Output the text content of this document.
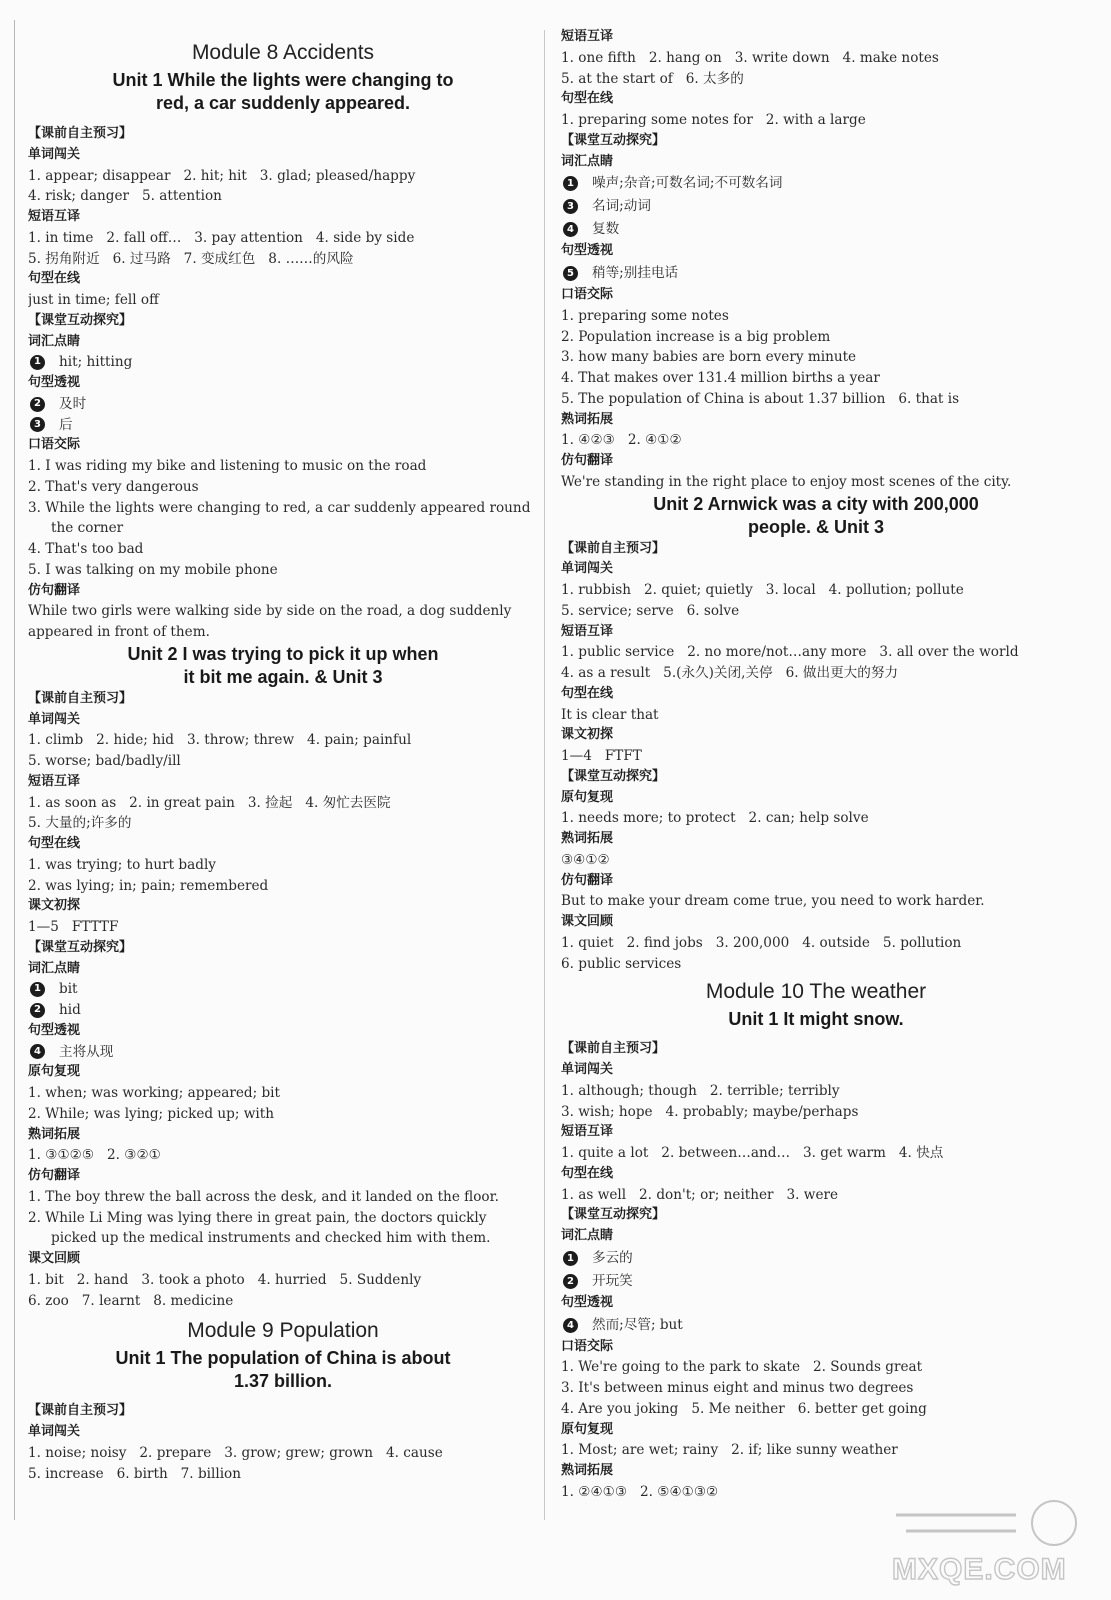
Module 8 Accidents
Unit 1 While the lights were changing to
red, a car suddenly appeared.
【课前自主预习】
单词闯关
1. appear; disappear   2. hit; hit   3. glad; pleased/happy
4. risk; danger   5. attention
短语互译
1. in time   2. fall off…   3. pay attention   4. side by side
5. 拐角附近   6. 过马路   7. 变成红色   8. ……的风险
句型在线
just in time; fell off
【课堂互动探究】
词汇点睛
1 hit; hitting
句型透视
2 及时
3 后
口语交际
1. I was riding my bike and listening to music on the road
2. That's very dangerous
3. While the lights were changing to red, a car suddenly appeared round
the corner
4. That's too bad
5. I was talking on my mobile phone
仿句翻译
While two girls were walking side by side on the road, a dog suddenly
appeared in front of them.
Unit 2 I was trying to pick it up when
it bit me again. & Unit 3
【课前自主预习】
单词闯关
1. climb   2. hide; hid   3. throw; threw   4. pain; painful
5. worse; bad/badly/ill
短语互译
1. as soon as   2. in great pain   3. 捡起   4. 匆忙去医院
5. 大量的;许多的
句型在线
1. was trying; to hurt badly
2. was lying; in; pain; remembered
课文初探
1—5   FTTTF
【课堂互动探究】
词汇点睛
1 bit
2 hid
句型透视
4 主将从现
原句复现
1. when; was working; appeared; bit
2. While; was lying; picked up; with
熟词拓展
1. ③①②⑤   2. ③②①
仿句翻译
1. The boy threw the ball across the desk, and it landed on the floor.
2. While Li Ming was lying there in great pain, the doctors quickly
picked up the medical instruments and checked him with them.
课文回顾
1. bit   2. hand   3. took a photo   4. hurried   5. Suddenly
6. zoo   7. learnt   8. medicine
Module 9 Population
Unit 1 The population of China is about
1.37 billion.
【课前自主预习】
单词闯关
1. noise; noisy   2. prepare   3. grow; grew; grown   4. cause
5. increase   6. birth   7. billion
短语互译
1. one fifth   2. hang on   3. write down   4. make notes
5. at the start of   6. 太多的
句型在线
1. preparing some notes for   2. with a large
【课堂互动探究】
词汇点睛
1 噪声;杂音;可数名词;不可数名词
3 名词;动词
4 复数
句型透视
5 稍等;别挂电话
口语交际
1. preparing some notes
2. Population increase is a big problem
3. how many babies are born every minute
4. That makes over 131.4 million births a year
5. The population of China is about 1.37 billion   6. that is
熟词拓展
1. ④②③   2. ④①②
仿句翻译
We're standing in the right place to enjoy most scenes of the city.
Unit 2 Arnwick was a city with 200,000
people. & Unit 3
【课前自主预习】
单词闯关
1. rubbish   2. quiet; quietly   3. local   4. pollution; pollute
5. service; serve   6. solve
短语互译
1. public service   2. no more/not…any more   3. all over the world
4. as a result   5.(永久)关闭,关停   6. 做出更大的努力
句型在线
It is clear that
课文初探
1—4   FTFT
【课堂互动探究】
原句复现
1. needs more; to protect   2. can; help solve
熟词拓展
③④①②
仿句翻译
But to make your dream come true, you need to work harder.
课文回顾
1. quiet   2. find jobs   3. 200,000   4. outside   5. pollution
6. public services
Module 10 The weather
Unit 1 It might snow.
【课前自主预习】
单词闯关
1. although; though   2. terrible; terribly
3. wish; hope   4. probably; maybe/perhaps
短语互译
1. quite a lot   2. between…and…   3. get warm   4. 快点
句型在线
1. as well   2. don't; or; neither   3. were
【课堂互动探究】
词汇点睛
1 多云的
2 开玩笑
句型透视
4 然而;尽管; but
口语交际
1. We're going to the park to skate   2. Sounds great
3. It's between minus eight and minus two degrees
4. Are you joking   5. Me neither   6. better get going
原句复现
1. Most; are wet; rainy   2. if; like sunny weather
熟词拓展
1. ②④①③   2. ⑤④①③②
MXQE.COM
